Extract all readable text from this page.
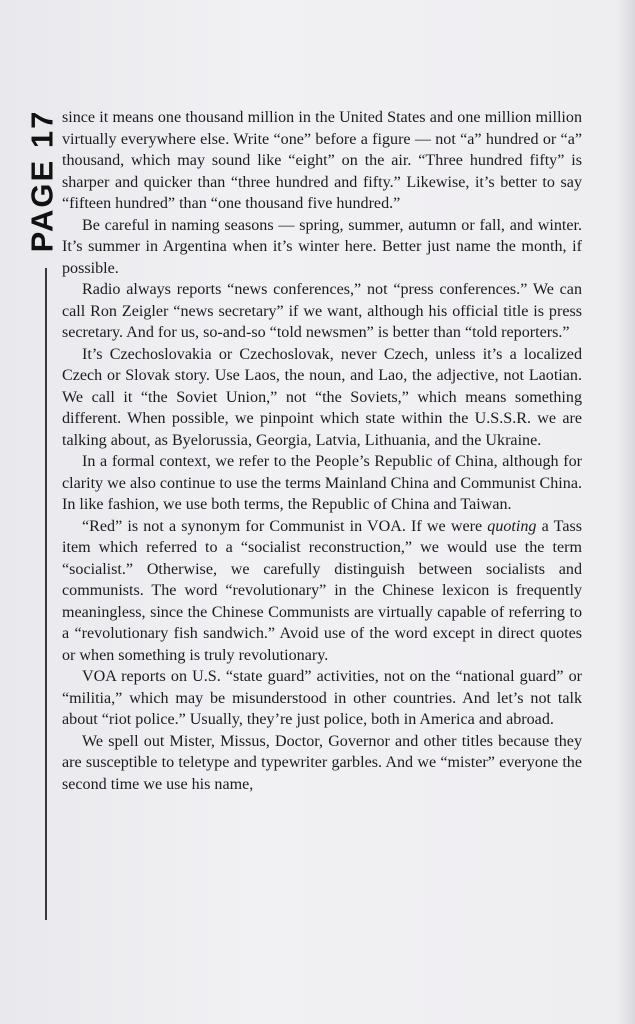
PAGE 17 since it means one thousand million in the United States and one million million virtually everywhere else. Write “one” before a figure — not “a” hundred or “a” thousand, which may sound like “eight” on the air. “Three hundred fifty” is sharper and quicker than “three hundred and fifty.” Likewise, it’s better to say “fifteen hundred” than “one thousand five hundred.”

Be careful in naming seasons — spring, summer, autumn or fall, and winter. It’s summer in Argentina when it’s winter here. Better just name the month, if possible.

Radio always reports “news conferences,” not “press conferences.” We can call Ron Zeigler “news secretary” if we want, although his official title is press secretary. And for us, so-and-so “told newsmen” is better than “told reporters.”

It’s Czechoslovakia or Czechoslovak, never Czech, unless it’s a localized Czech or Slovak story. Use Laos, the noun, and Lao, the adjective, not Laotian. We call it “the Soviet Union,” not “the Soviets,” which means something different. When possible, we pinpoint which state within the U.S.S.R. we are talking about, as Byelorussia, Georgia, Latvia, Lithuania, and the Ukraine.

In a formal context, we refer to the People’s Republic of China, although for clarity we also continue to use the terms Mainland China and Communist China. In like fashion, we use both terms, the Republic of China and Taiwan.

“Red” is not a synonym for Communist in VOA. If we were quoting a Tass item which referred to a “socialist reconstruction,” we would use the term “socialist.” Otherwise, we carefully distinguish between socialists and communists. The word “revolutionary” in the Chinese lexicon is frequently meaningless, since the Chinese Communists are virtually capable of referring to a “revolutionary fish sandwich.” Avoid use of the word except in direct quotes or when something is truly revolutionary.

VOA reports on U.S. “state guard” activities, not on the “national guard” or “militia,” which may be misunderstood in other countries. And let’s not talk about “riot police.” Usually, they’re just police, both in America and abroad.

We spell out Mister, Missus, Doctor, Governor and other titles because they are susceptible to teletype and typewriter garbles. And we “mister” everyone the second time we use his name,
